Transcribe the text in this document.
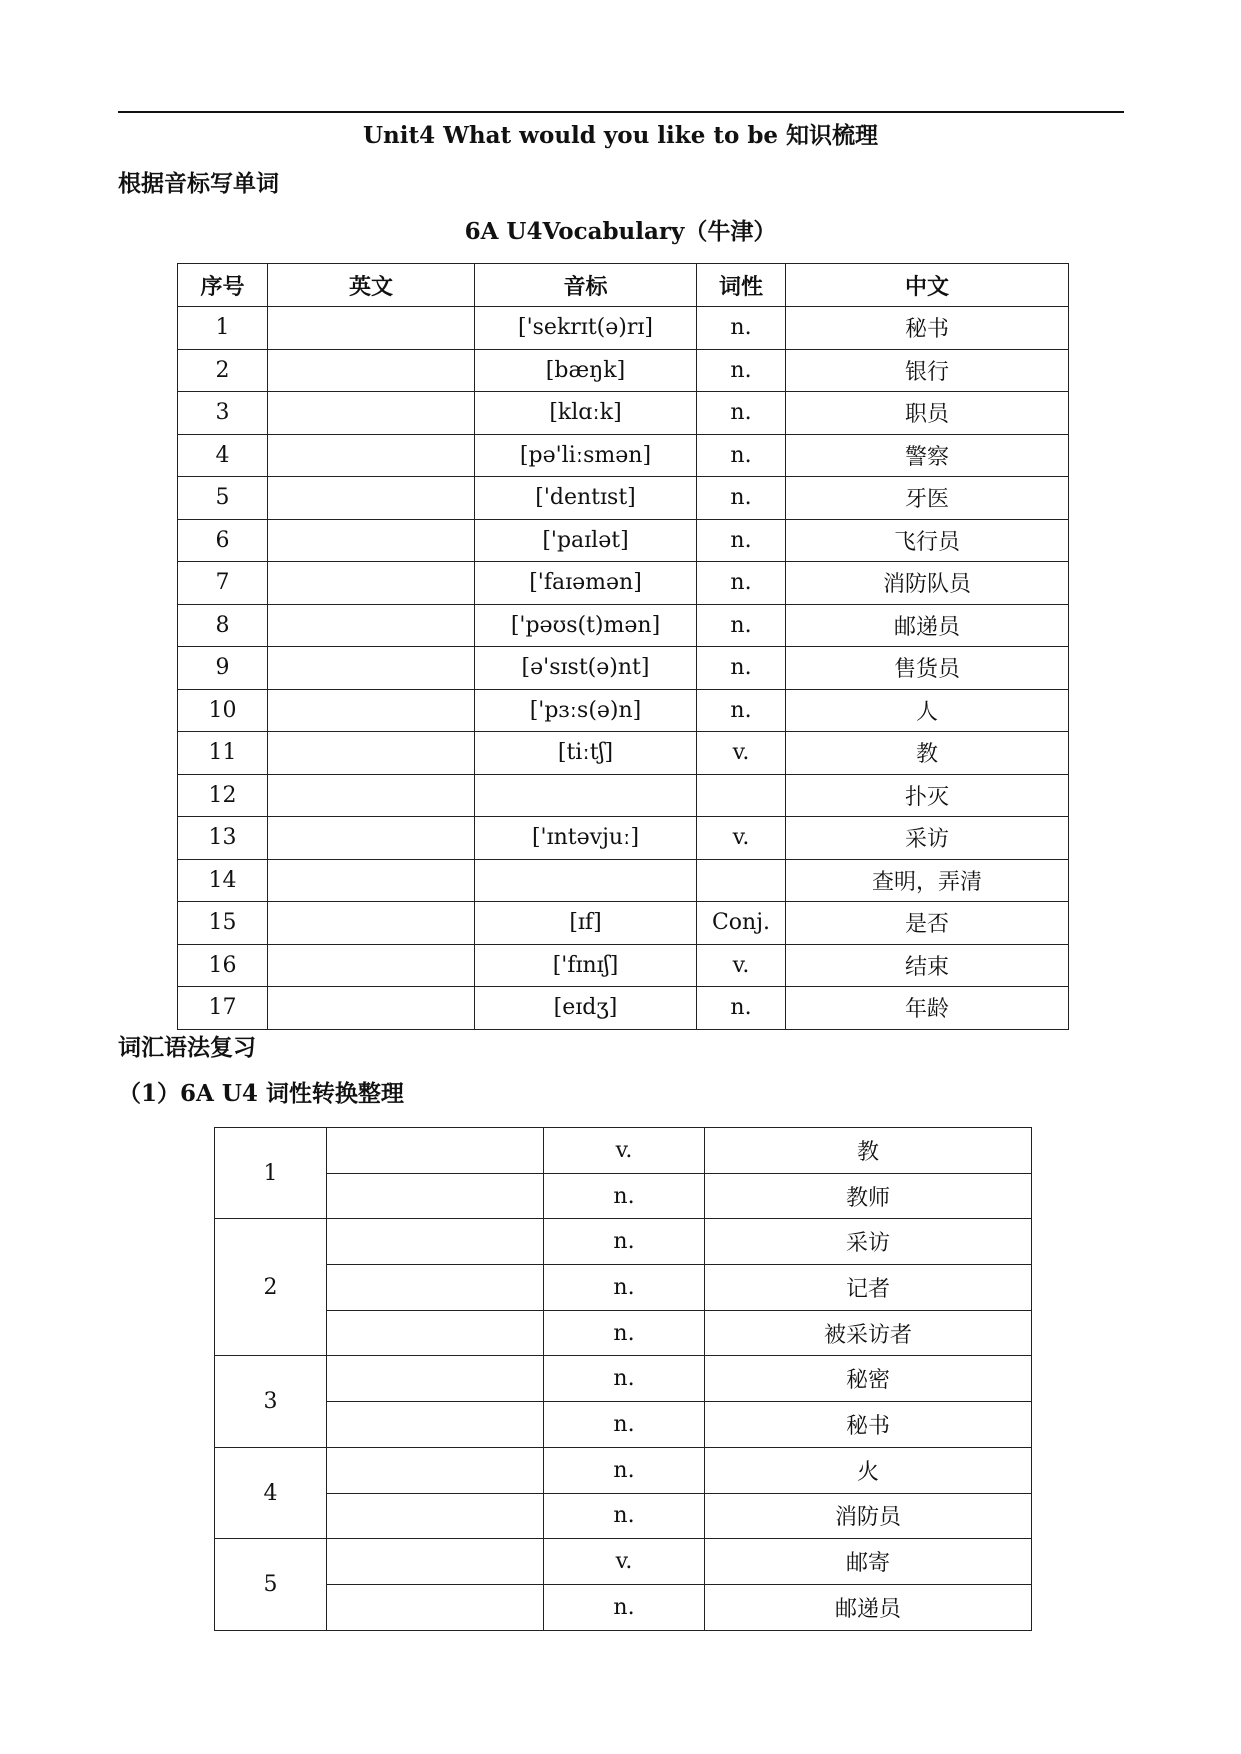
Unit4 What would you like to be 知识梳理
根据音标写单词
6A U4Vocabulary（牛津）
序号	英文	音标	词性	中文
1		['sekrɪt(ə)rɪ]	n.	秘书
2		[bæŋk]	n.	银行
3		[klɑːk]	n.	职员
4		[pə'liːsmən]	n.	警察
5		['dentɪst]	n.	牙医
6		['paɪlət]	n.	飞行员
7		['faɪəmən]	n.	消防队员
8		['pəʊs(t)mən]	n.	邮递员
9		[ə'sɪst(ə)nt]	n.	售货员
10		['pɜːs(ə)n]	n.	人
11		[tiːtʃ]	v.	教
12				扑灭
13		['ɪntəvjuː]	v.	采访
14				查明，弄清
15		[ɪf]	Conj.	是否
16		['fɪnɪʃ]	v.	结束
17		[eɪdʒ]	n.	年龄
词汇语法复习
（1）6A U4 词性转换整理
1		v.	教
		n.	教师
2		n.	采访
		n.	记者
		n.	被采访者
3		n.	秘密
		n.	秘书
4		n.	火
		n.	消防员
5		v.	邮寄
		n.	邮递员
